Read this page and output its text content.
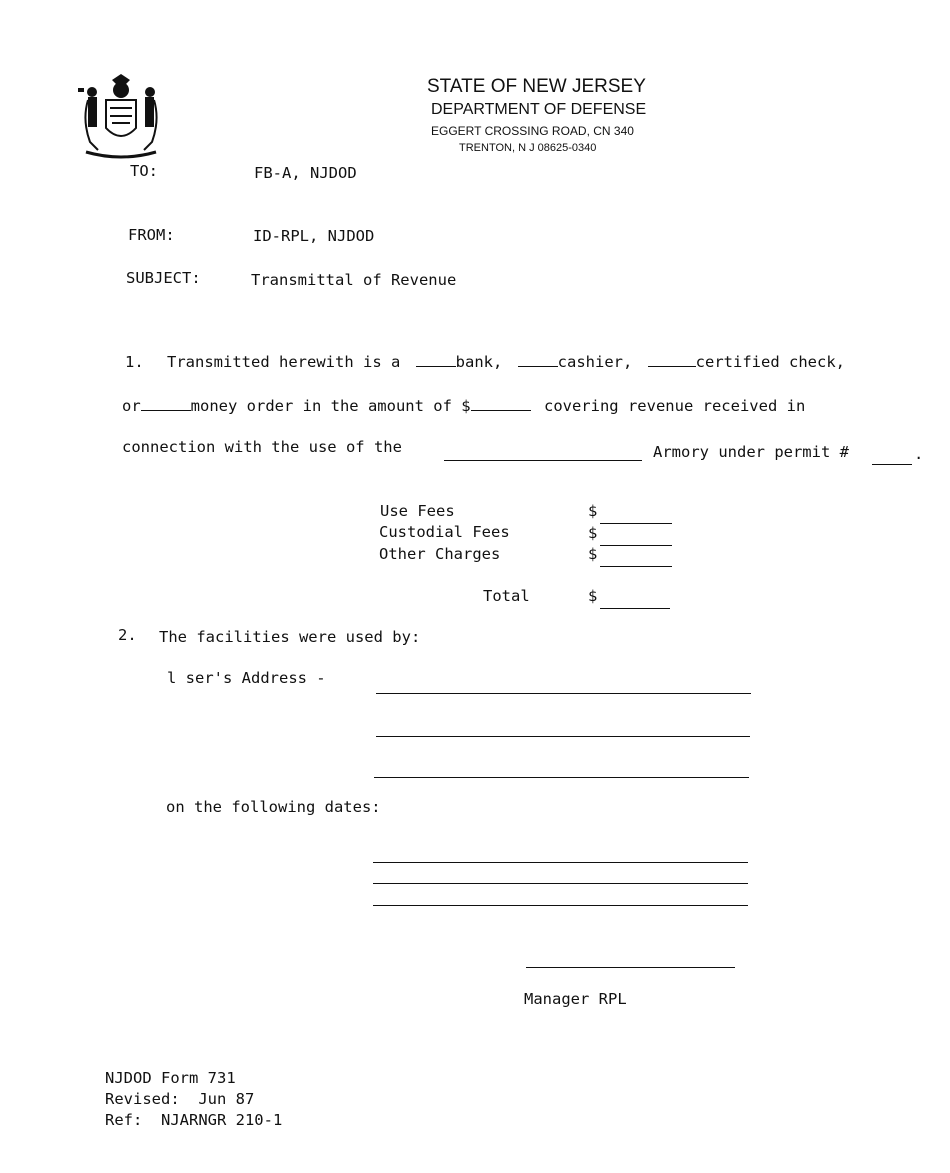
STATE OF NEW JERSEY
DEPARTMENT OF DEFENSE
EGGERT CROSSING ROAD, CN 340
TRENTON, N J 08625-0340
TO:	FB-A, NJDOD
FROM:	ID-RPL, NJDOD
SUBJECT:	Transmittal of Revenue
1. Transmitted herewith is a	bank,	cashier,	certified check,
or	money order in the amount of $	covering revenue received in
connection with the use of the	Armory under permit #	.
Use Fees	$
Custodial Fees	$
Other Charges	$
Total	$
2. The facilities were used by:
l ser's Address -
on the following dates:
Manager RPL
NJDOD Form 731
Revised:  Jun 87
Ref:  NJARNGR 210-1
